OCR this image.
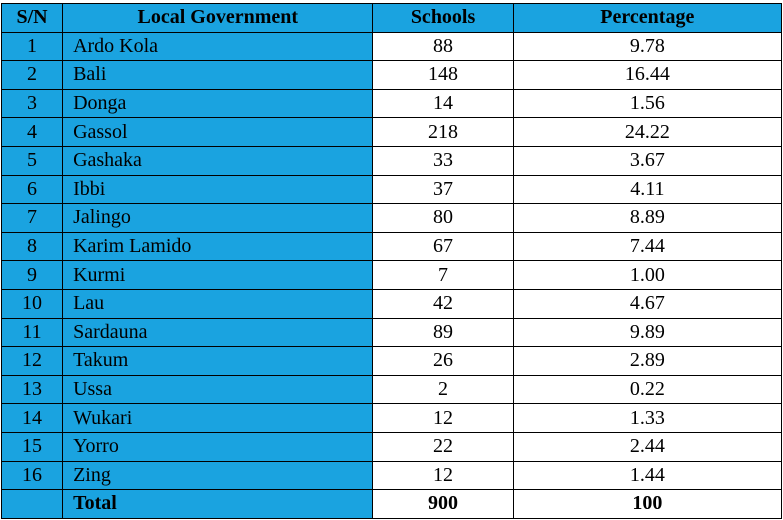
S/N	Local Government	Schools	Percentage
1	Ardo Kola	88	9.78
2	Bali	148	16.44
3	Donga	14	1.56
4	Gassol	218	24.22
5	Gashaka	33	3.67
6	Ibbi	37	4.11
7	Jalingo	80	8.89
8	Karim Lamido	67	7.44
9	Kurmi	7	1.00
10	Lau	42	4.67
11	Sardauna	89	9.89
12	Takum	26	2.89
13	Ussa	2	0.22
14	Wukari	12	1.33
15	Yorro	22	2.44
16	Zing	12	1.44
	Total	900	100
